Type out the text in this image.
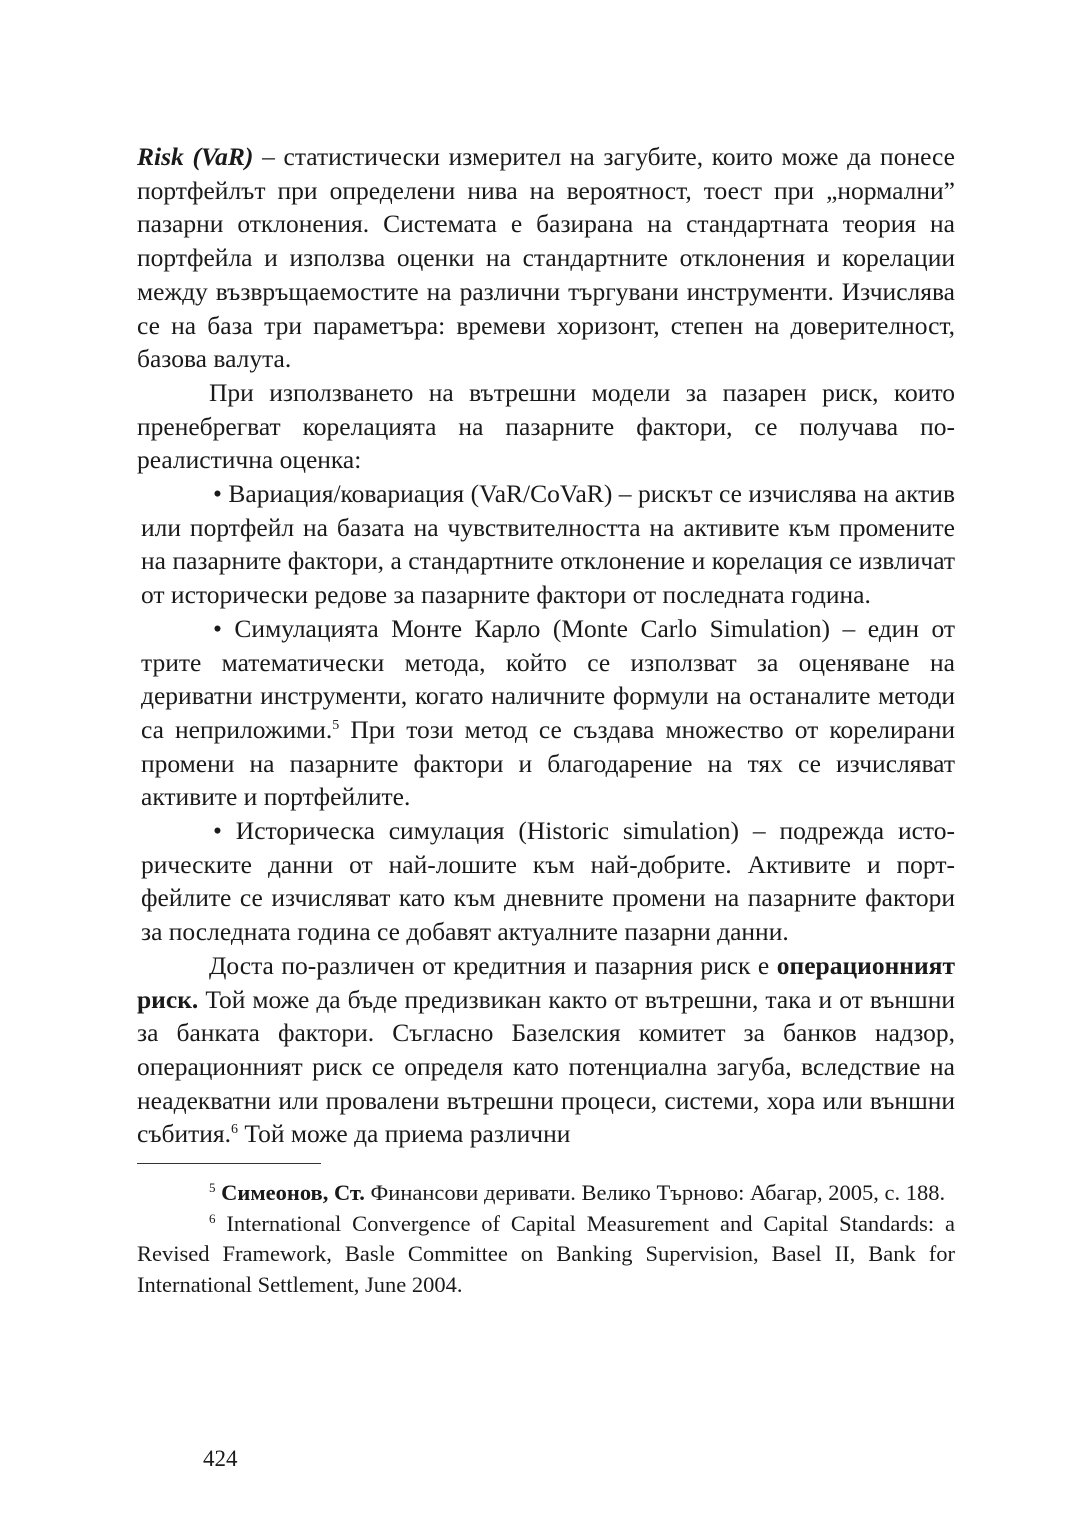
Risk (VaR) – статистически измерител на загубите, които може да понесе портфейлът при определени нива на вероятност, тоест при „нормални” пазарни отклонения. Системата е базирана на стандартната теория на портфейла и използва оценки на стандартните отклонения и корелации между възвръщаемостите на различни търгувани инструменти. Изчислява се на база три параметъра: времеви хоризонт, степен на доверителност, базова валута.

При използването на вътрешни модели за пазарен риск, които пренебрегват корелацията на пазарните фактори, се получава по-реалистична оценка:

• Вариация/ковариация (VaR/CoVaR) – рискът се изчислява на актив или портфейл на базата на чувствителността на активите към промените на пазарните фактори, а стандартните отклонение и корелация се извличат от исторически редове за пазарните фактори от последната година.

• Симулацията Монте Карло (Monte Carlo Simulation) – един от трите математически метода, който се използват за оценяване на дериватни инструменти, когато наличните формули на останалите методи са неприложими.$^5$ При този метод се създава множество от корелирани промени на пазарните фактори и благодарение на тях се изчисляват активите и портфейлите.

• Историческа симулация (Historic simulation) – подрежда историческите данни от най-лошите към най-добрите. Активите и портфейлите се изчисляват като към дневните промени на пазарните фактори за последната година се добавят актуалните пазарни данни.

Доста по-различен от кредитния и пазарния риск е операционният риск. Той може да бъде предизвикан както от вътрешни, така и от външни за банката фактори. Съгласно Базелския комитет за банков надзор, операционният риск се определя като потенциална загуба, вследствие на неадекватни или провалени вътрешни процеси, системи, хора или външни събития.$^6$ Той може да приема различни

$^5$ Симеонов, Ст. Финансови деривати. Велико Търново: Абагар, 2005, с. 188.

$^6$ International Convergence of Capital Measurement and Capital Standards: a Revised Framework, Basle Committee on Banking Supervision, Basel II, Bank for International Settlement, June 2004.

424
